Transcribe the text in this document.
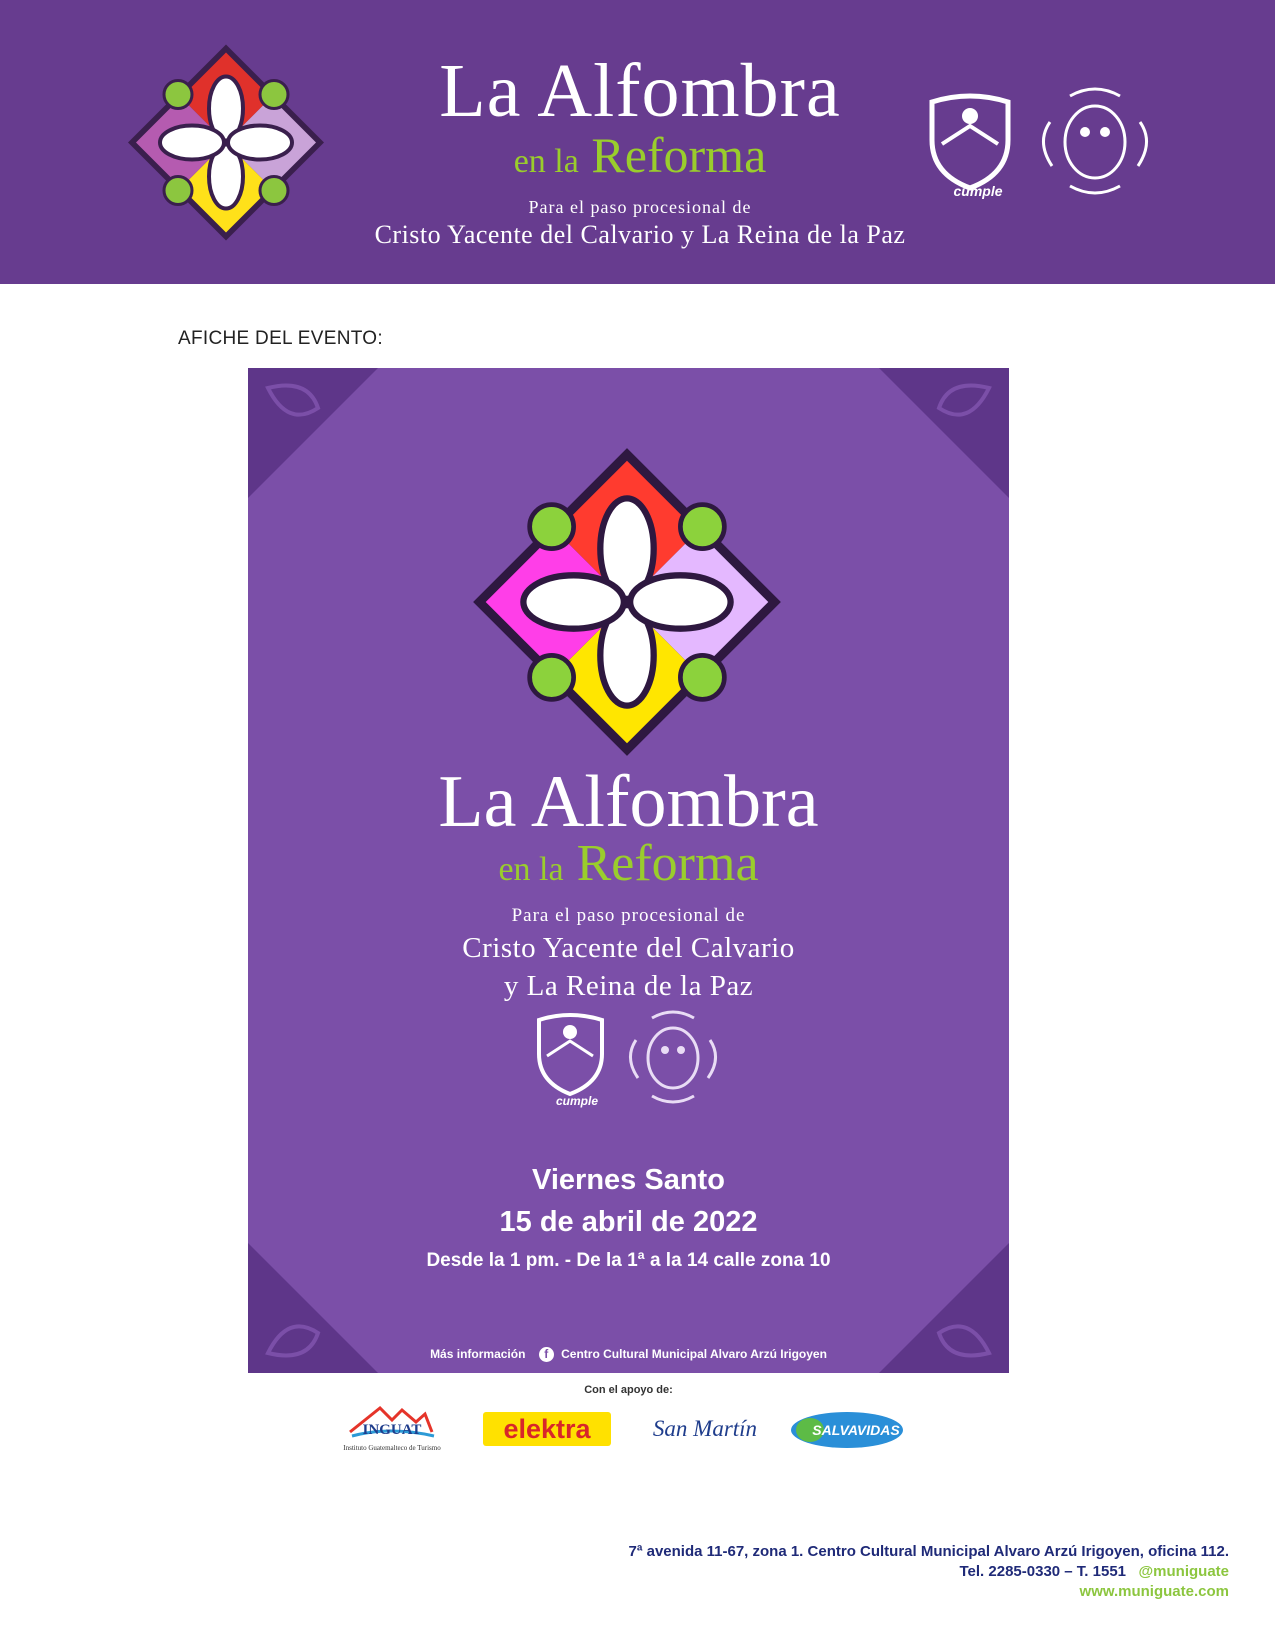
La Alfombra
en la Reforma
Para el paso procesional de
Cristo Yacente del Calvario y La Reina de la Paz
cumple
AFICHE DEL EVENTO:
La Alfombra
en la Reforma
Para el paso procesional de
Cristo Yacente del Calvario
y La Reina de la Paz
cumple
Viernes Santo
15 de abril de 2022
Desde la 1 pm. - De la 1ª a la 14 calle zona 10
Más información f Centro Cultural Municipal Alvaro Arzú Irigoyen
Con el apoyo de:
INGUAT
Instituto Guatemalteco de Turismo
elektra	San Martín	SALVAVIDAS
7ª avenida 11-67, zona 1. Centro Cultural Municipal Alvaro Arzú Irigoyen, oficina 112.
Tel. 2285-0330 – T. 1551 @muniguate
www.muniguate.com
